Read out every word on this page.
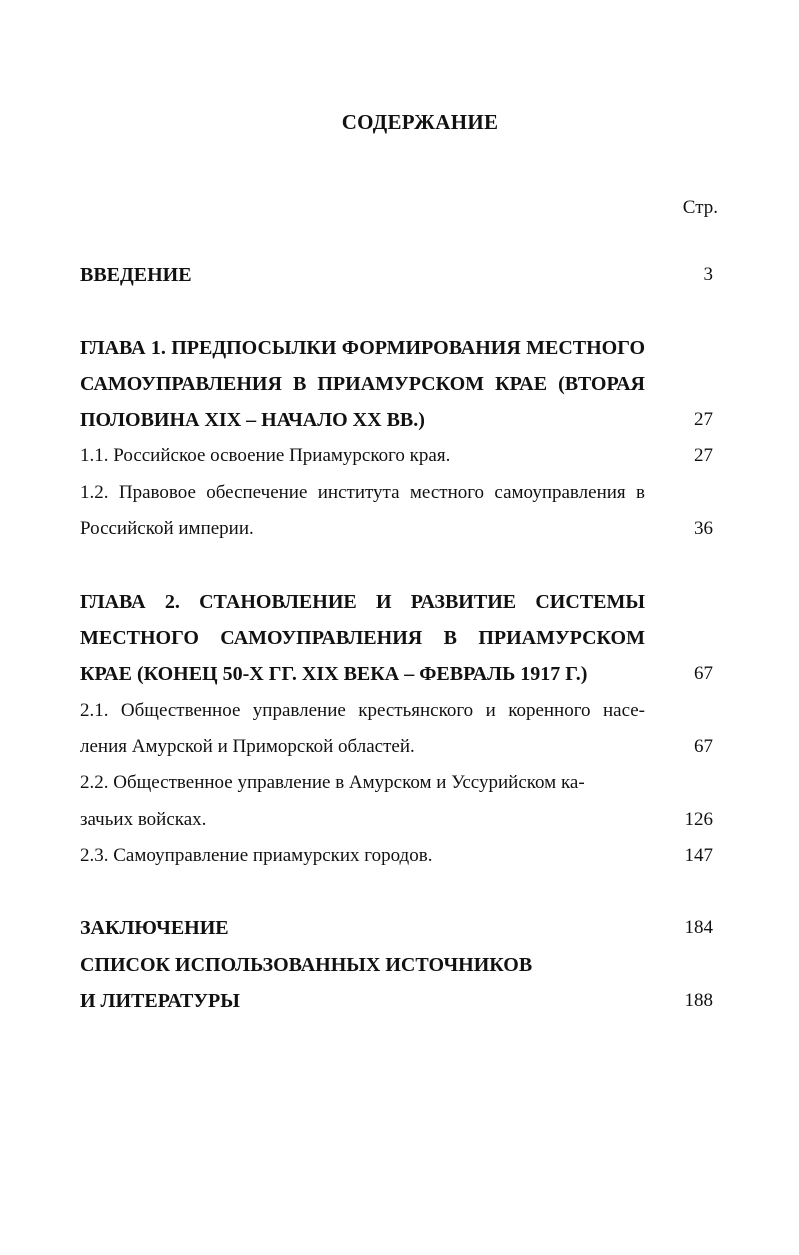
СОДЕРЖАНИЕ
Стр.
ВВЕДЕНИЕ	3
ГЛАВА 1. ПРЕДПОСЫЛКИ ФОРМИРОВАНИЯ МЕСТНОГО
САМОУПРАВЛЕНИЯ В ПРИАМУРСКОМ КРАЕ (ВТОРАЯ
ПОЛОВИНА XIX – НАЧАЛО XX ВВ.)	27
1.1. Российское освоение Приамурского края.	27
1.2. Правовое обеспечение института местного самоуправления в
Российской империи.	36
ГЛАВА 2. СТАНОВЛЕНИЕ И РАЗВИТИЕ СИСТЕМЫ
МЕСТНОГО САМОУПРАВЛЕНИЯ В ПРИАМУРСКОМ
КРАЕ (КОНЕЦ 50-Х ГГ. XIX ВЕКА – ФЕВРАЛЬ 1917 Г.)	67
2.1. Общественное управление крестьянского и коренного насе-
ления Амурской и Приморской областей.	67
2.2. Общественное управление в Амурском и Уссурийском ка-
зачьих войсках.	126
2.3. Самоуправление приамурских городов.	147
ЗАКЛЮЧЕНИЕ	184
СПИСОК ИСПОЛЬЗОВАННЫХ ИСТОЧНИКОВ
И ЛИТЕРАТУРЫ	188
